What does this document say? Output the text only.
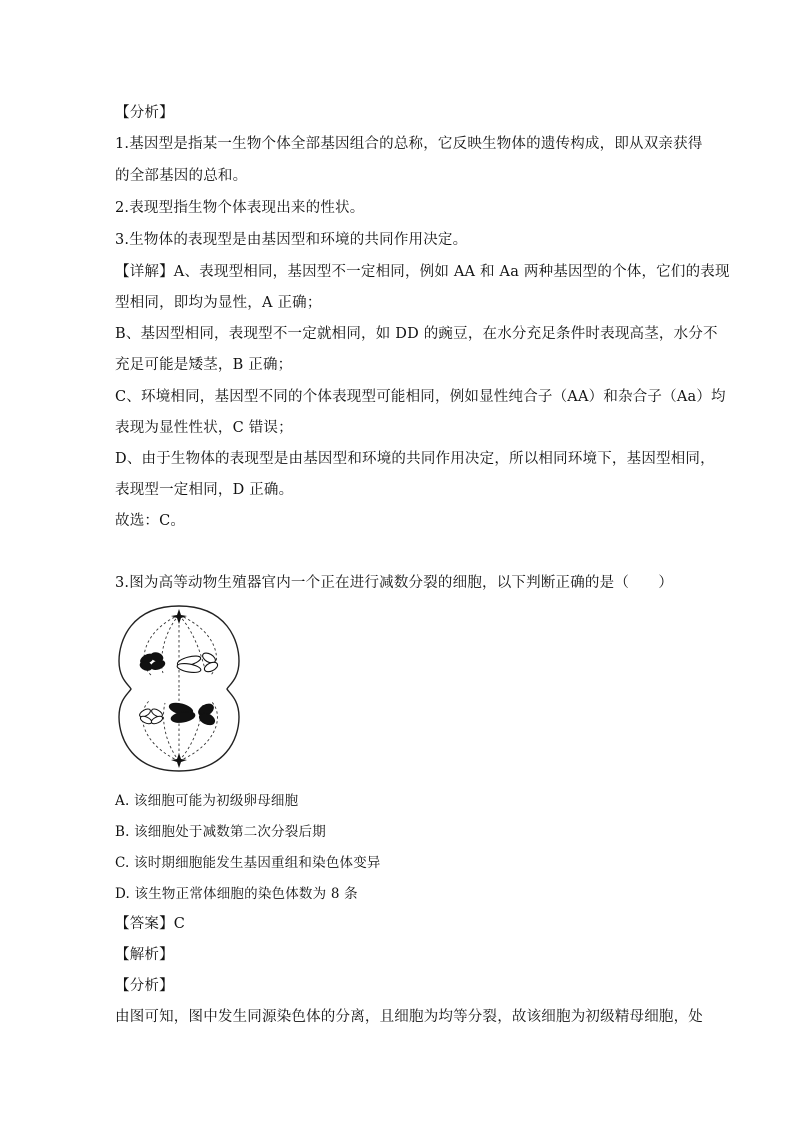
【分析】
1.基因型是指某一生物个体全部基因组合的总称，它反映生物体的遗传构成，即从双亲获得
的全部基因的总和。
2.表现型指生物个体表现出来的性状。
3.生物体的表现型是由基因型和环境的共同作用决定。
【详解】A、表现型相同，基因型不一定相同，例如 AA 和 Aa 两种基因型的个体，它们的表现
型相同，即均为显性，A 正确；
B、基因型相同，表现型不一定就相同，如 DD 的豌豆，在水分充足条件时表现高茎，水分不
充足可能是矮茎，B 正确；
C、环境相同，基因型不同的个体表现型可能相同，例如显性纯合子（AA）和杂合子（Aa）均
表现为显性性状，C 错误；
D、由于生物体的表现型是由基因型和环境的共同作用决定，所以相同环境下，基因型相同，
表现型一定相同，D 正确。
故选：C。
3.图为高等动物生殖器官内一个正在进行减数分裂的细胞，以下判断正确的是（　　）
A. 该细胞可能为初级卵母细胞
B. 该细胞处于减数第二次分裂后期
C. 该时期细胞能发生基因重组和染色体变异
D. 该生物正常体细胞的染色体数为 8 条
【答案】C
【解析】
【分析】
由图可知，图中发生同源染色体的分离，且细胞为均等分裂，故该细胞为初级精母细胞，处
